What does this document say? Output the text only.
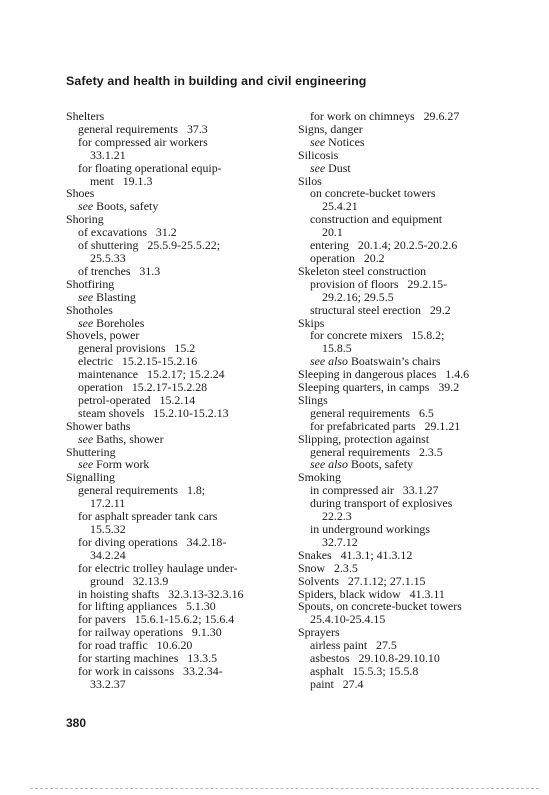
Safety and health in building and civil engineering
Shelters
general requirements   37.3
for compressed air workers
33.1.21
for floating operational equip-
ment   19.1.3
Shoes
see Boots, safety
Shoring
of excavations   31.2
of shuttering   25.5.9-25.5.22;
25.5.33
of trenches   31.3
Shotfiring
see Blasting
Shotholes
see Boreholes
Shovels, power
general provisions   15.2
electric   15.2.15-15.2.16
maintenance   15.2.17; 15.2.24
operation   15.2.17-15.2.28
petrol-operated   15.2.14
steam shovels   15.2.10-15.2.13
Shower baths
see Baths, shower
Shuttering
see Form work
Signalling
general requirements   1.8;
17.2.11
for asphalt spreader tank cars
15.5.32
for diving operations   34.2.18-
34.2.24
for electric trolley haulage under-
ground   32.13.9
in hoisting shafts   32.3.13-32.3.16
for lifting appliances   5.1.30
for pavers   15.6.1-15.6.2; 15.6.4
for railway operations   9.1.30
for road traffic   10.6.20
for starting machines   13.3.5
for work in caissons   33.2.34-
33.2.37
for work on chimneys   29.6.27
Signs, danger
see Notices
Silicosis
see Dust
Silos
on concrete-bucket towers
25.4.21
construction and equipment
20.1
entering   20.1.4; 20.2.5-20.2.6
operation   20.2
Skeleton steel construction
provision of floors   29.2.15-
29.2.16; 29.5.5
structural steel erection   29.2
Skips
for concrete mixers   15.8.2;
15.8.5
see also Boatswain’s chairs
Sleeping in dangerous places   1.4.6
Sleeping quarters, in camps   39.2
Slings
general requirements   6.5
for prefabricated parts   29.1.21
Slipping, protection against
general requirements   2.3.5
see also Boots, safety
Smoking
in compressed air   33.1.27
during transport of explosives
22.2.3
in underground workings
32.7.12
Snakes   41.3.1; 41.3.12
Snow   2.3.5
Solvents   27.1.12; 27.1.15
Spiders, black widow   41.3.11
Spouts, on concrete-bucket towers
25.4.10-25.4.15
Sprayers
airless paint   27.5
asbestos   29.10.8-29.10.10
asphalt   15.5.3; 15.5.8
paint   27.4
380
